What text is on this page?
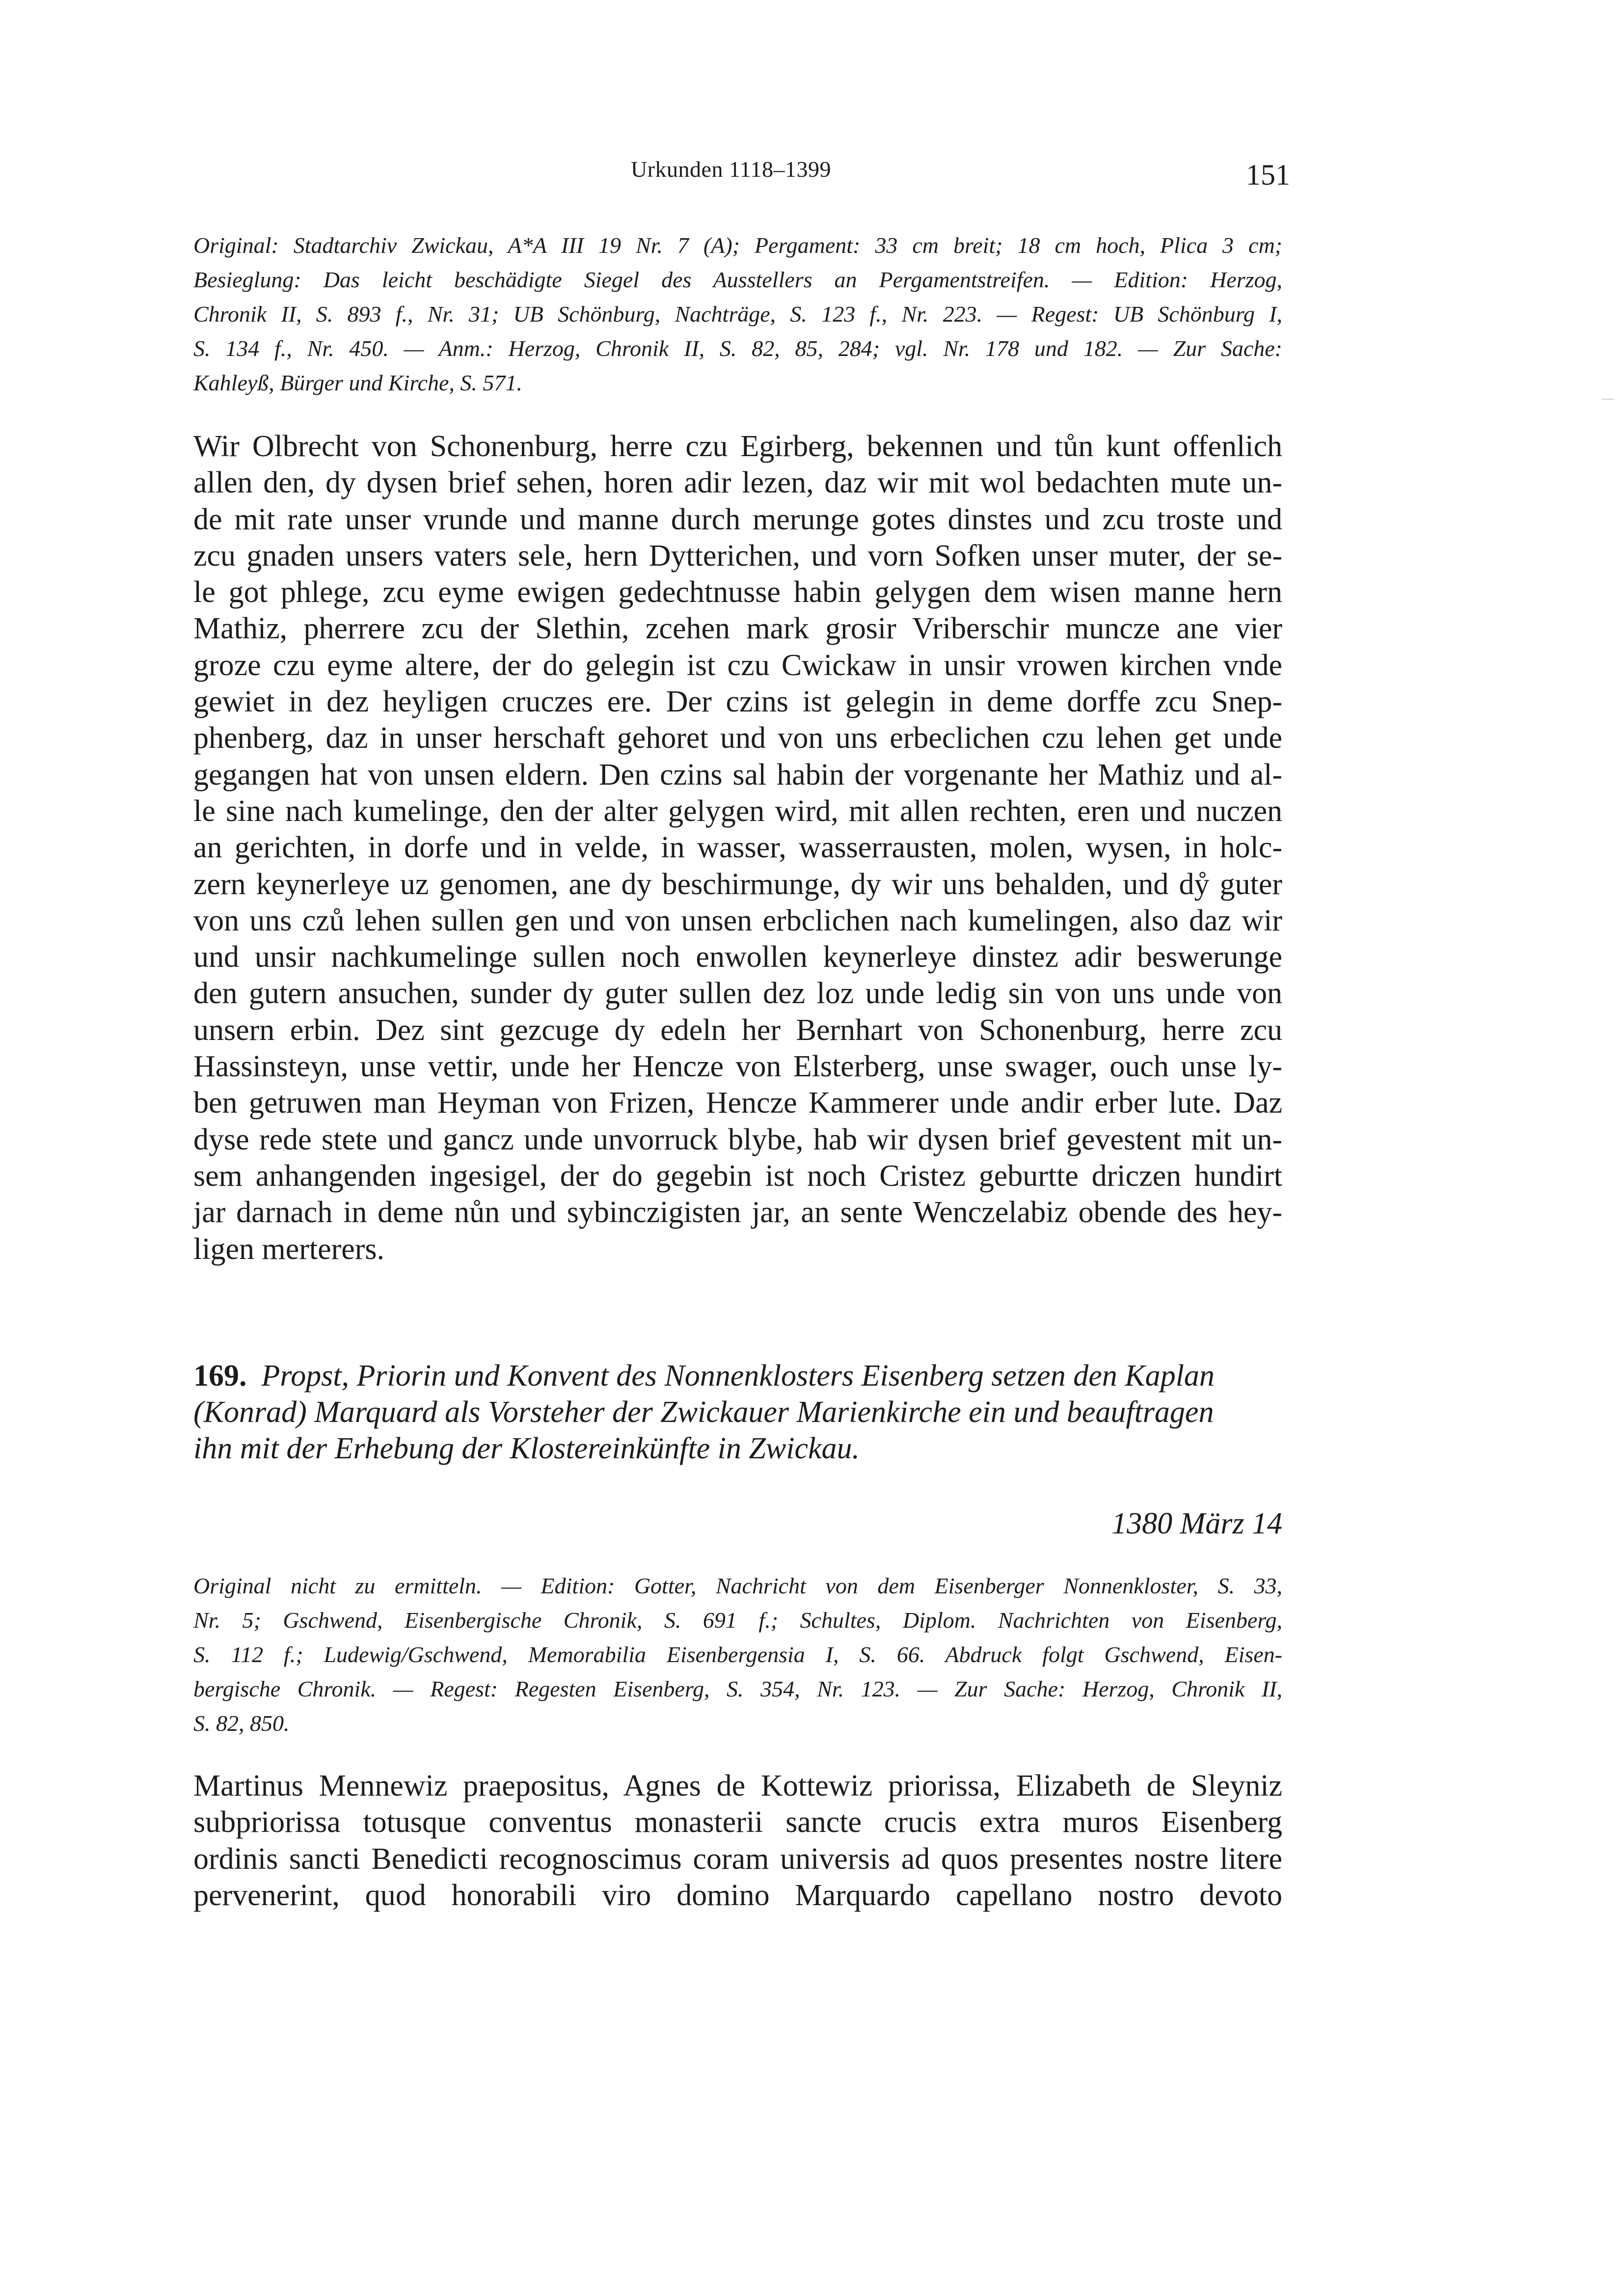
Urkunden 1118–1399	151

Original: Stadtarchiv Zwickau, A*A III 19 Nr. 7 (A); Pergament: 33 cm breit; 18 cm hoch, Plica 3 cm;

Besieglung: Das leicht beschädigte Siegel des Ausstellers an Pergamentstreifen. — Edition: Herzog,

Chronik II, S. 893 f., Nr. 31; UB Schönburg, Nachträge, S. 123 f., Nr. 223. — Regest: UB Schönburg I,

S. 134 f., Nr. 450. — Anm.: Herzog, Chronik II, S. 82, 85, 284; vgl. Nr. 178 und 182. — Zur Sache:

Kahleyß, Bürger und Kirche, S. 571.

Wir Olbrecht von Schonenburg, herre czu Egirberg, bekennen und tůn kunt offenlich

allen den, dy dysen brief sehen, horen adir lezen, daz wir mit wol bedachten mute un-

de mit rate unser vrunde und manne durch merunge gotes dinstes und zcu troste und

zcu gnaden unsers vaters sele, hern Dytterichen, und vorn Sofken unser muter, der se-

le got phlege, zcu eyme ewigen gedechtnusse habin gelygen dem wisen manne hern

Mathiz, pherrere zcu der Slethin, zcehen mark grosir Vriberschir muncze ane vier

groze czu eyme altere, der do gelegin ist czu Cwickaw in unsir vrowen kirchen vnde

gewiet in dez heyligen cruczes ere. Der czins ist gelegin in deme dorffe zcu Snep-

phenberg, daz in unser herschaft gehoret und von uns erbeclichen czu lehen get unde

gegangen hat von unsen eldern. Den czins sal habin der vorgenante her Mathiz und al-

le sine nach kumelinge, den der alter gelygen wird, mit allen rechten, eren und nuczen

an gerichten, in dorfe und in velde, in wasser, wasserrausten, molen, wysen, in holc-

zern keynerleye uz genomen, ane dy beschirmunge, dy wir uns behalden, und dẙ guter

von uns czů lehen sullen gen und von unsen erbclichen nach kumelingen, also daz wir

und unsir nachkumelinge sullen noch enwollen keynerleye dinstez adir beswerunge

den gutern ansuchen, sunder dy guter sullen dez loz unde ledig sin von uns unde von

unsern erbin. Dez sint gezcuge dy edeln her Bernhart von Schonenburg, herre zcu

Hassinsteyn, unse vettir, unde her Hencze von Elsterberg, unse swager, ouch unse ly-

ben getruwen man Heyman von Frizen, Hencze Kammerer unde andir erber lute. Daz

dyse rede stete und gancz unde unvorruck blybe, hab wir dysen brief gevestent mit un-

sem anhangenden ingesigel, der do gegebin ist noch Cristez geburtte driczen hundirt

jar darnach in deme nůn und sybinczigisten jar, an sente Wenczelabiz obende des hey-

ligen merterers.

169. Propst, Priorin und Konvent des Nonnenklosters Eisenberg setzen den Kaplan
(Konrad) Marquard als Vorsteher der Zwickauer Marienkirche ein und beauftragen
ihn mit der Erhebung der Klostereinkünfte in Zwickau.
1380 März 14

Original nicht zu ermitteln. — Edition: Gotter, Nachricht von dem Eisenberger Nonnenkloster, S. 33,

Nr. 5; Gschwend, Eisenbergische Chronik, S. 691 f.; Schultes, Diplom. Nachrichten von Eisenberg,

S. 112 f.; Ludewig/Gschwend, Memorabilia Eisenbergensia I, S. 66. Abdruck folgt Gschwend, Eisen-

bergische Chronik. — Regest: Regesten Eisenberg, S. 354, Nr. 123. — Zur Sache: Herzog, Chronik II,

S. 82, 850.

Martinus Mennewiz praepositus, Agnes de Kottewiz priorissa, Elizabeth de Sleyniz

subpriorissa totusque conventus monasterii sancte crucis extra muros Eisenberg

ordinis sancti Benedicti recognoscimus coram universis ad quos presentes nostre litere

pervenerint, quod honorabili viro domino Marquardo capellano nostro devoto
